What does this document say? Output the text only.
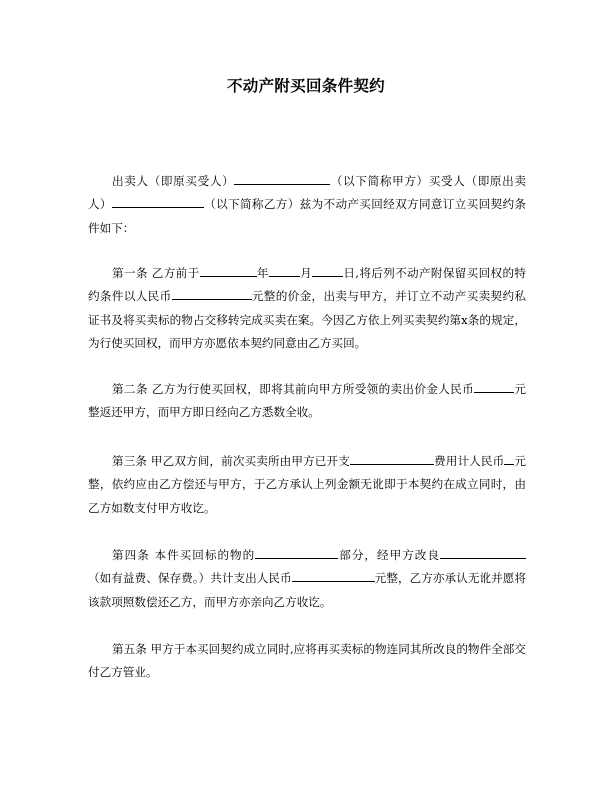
不动产附买回条件契约

出卖人（即原买受人）	（以下简称甲方）买受人（即原出卖人）	（以下简称乙方）兹为不动产买回经双方同意订立买回契约条件如下：

第一条 乙方前于	年	月	日,将后列不动产附保留买回权的特约条件以人民币	元整的价金，出卖与甲方，并订立不动产买卖契约私证书及将买卖标的物占交移转完成买卖在案。今因乙方依上列买卖契约第x条的规定，为行使买回权，而甲方亦愿依本契约同意由乙方买回。

第二条 乙方为行使买回权，即将其前向甲方所受领的卖出价金人民币	元整返还甲方，而甲方即日经向乙方悉数全收。

第三条 甲乙双方间，前次买卖所由甲方已开支	费用计人民币 元整，依约应由乙方偿还与甲方，于乙方承认上列金额无讹即于本契约在成立同时，由乙方如数支付甲方收讫。

第四条 本件买回标的物的	部分，经甲方改良（如有益费、保存费。）共计支出人民币	元整，乙方亦承认无讹并愿将该款项照数偿还乙方，而甲方亦亲向乙方收讫。

第五条 甲方于本买回契约成立同时,应将再买卖标的物连同其所改良的物件全部交付乙方管业。
